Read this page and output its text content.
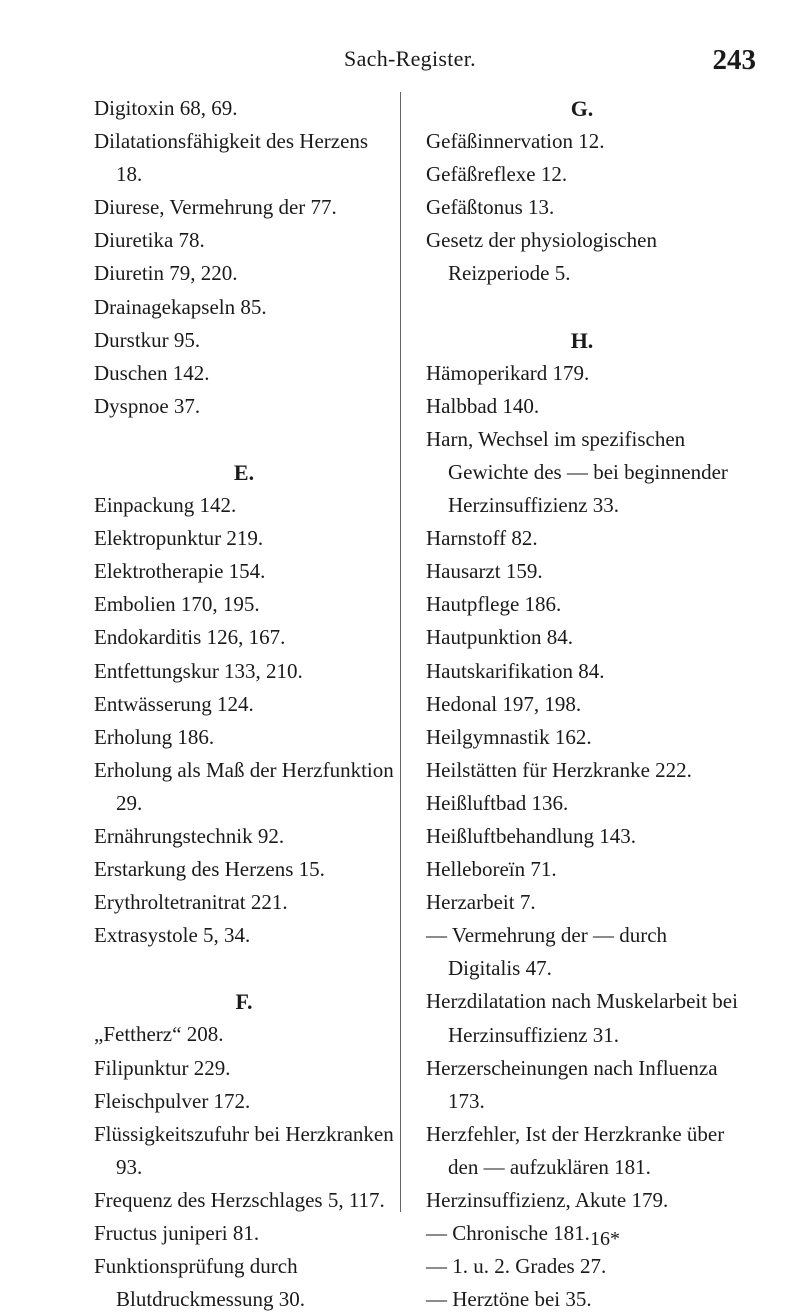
Sach-Register.	243
Digitoxin 68, 69.
Dilatationsfähigkeit des Herzens 18.
Diurese, Vermehrung der 77.
Diuretika 78.
Diuretin 79, 220.
Drainagekapseln 85.
Durstkur 95.
Duschen 142.
Dyspnoe 37.
E.
Einpackung 142.
Elektropunktur 219.
Elektrotherapie 154.
Embolien 170, 195.
Endokarditis 126, 167.
Entfettungskur 133, 210.
Entwässerung 124.
Erholung 186.
Erholung als Maß der Herzfunktion 29.
Ernährungstechnik 92.
Erstarkung des Herzens 15.
Erythroltetranitrat 221.
Extrasystole 5, 34.
F.
„Fettherz“ 208.
Filipunktur 229.
Fleischpulver 172.
Flüssigkeitszufuhr bei Herzkranken 93.
Frequenz des Herzschlages 5, 117.
Fructus juniperi 81.
Funktionsprüfung durch Blutdruckmessung 30.
G.
Gefäßinnervation 12.
Gefäßreflexe 12.
Gefäßtonus 13.
Gesetz der physiologischen Reizperiode 5.
H.
Hämoperikard 179.
Halbbad 140.
Harn, Wechsel im spezifischen Gewichte des — bei beginnender Herzinsuffizienz 33.
Harnstoff 82.
Hausarzt 159.
Hautpflege 186.
Hautpunktion 84.
Hautskarifikation 84.
Hedonal 197, 198.
Heilgymnastik 162.
Heilstätten für Herzkranke 222.
Heißluftbad 136.
Heißluftbehandlung 143.
Helleboreïn 71.
Herzarbeit 7.
— Vermehrung der — durch Digitalis 47.
Herzdilatation nach Muskelarbeit bei Herzinsuffizienz 31.
Herzerscheinungen nach Influenza 173.
Herzfehler, Ist der Herzkranke über den — aufzuklären 181.
Herzinsuffizienz, Akute 179.
— Chronische 181.
— 1. u. 2. Grades 27.
— Herztöne bei 35.
16*
